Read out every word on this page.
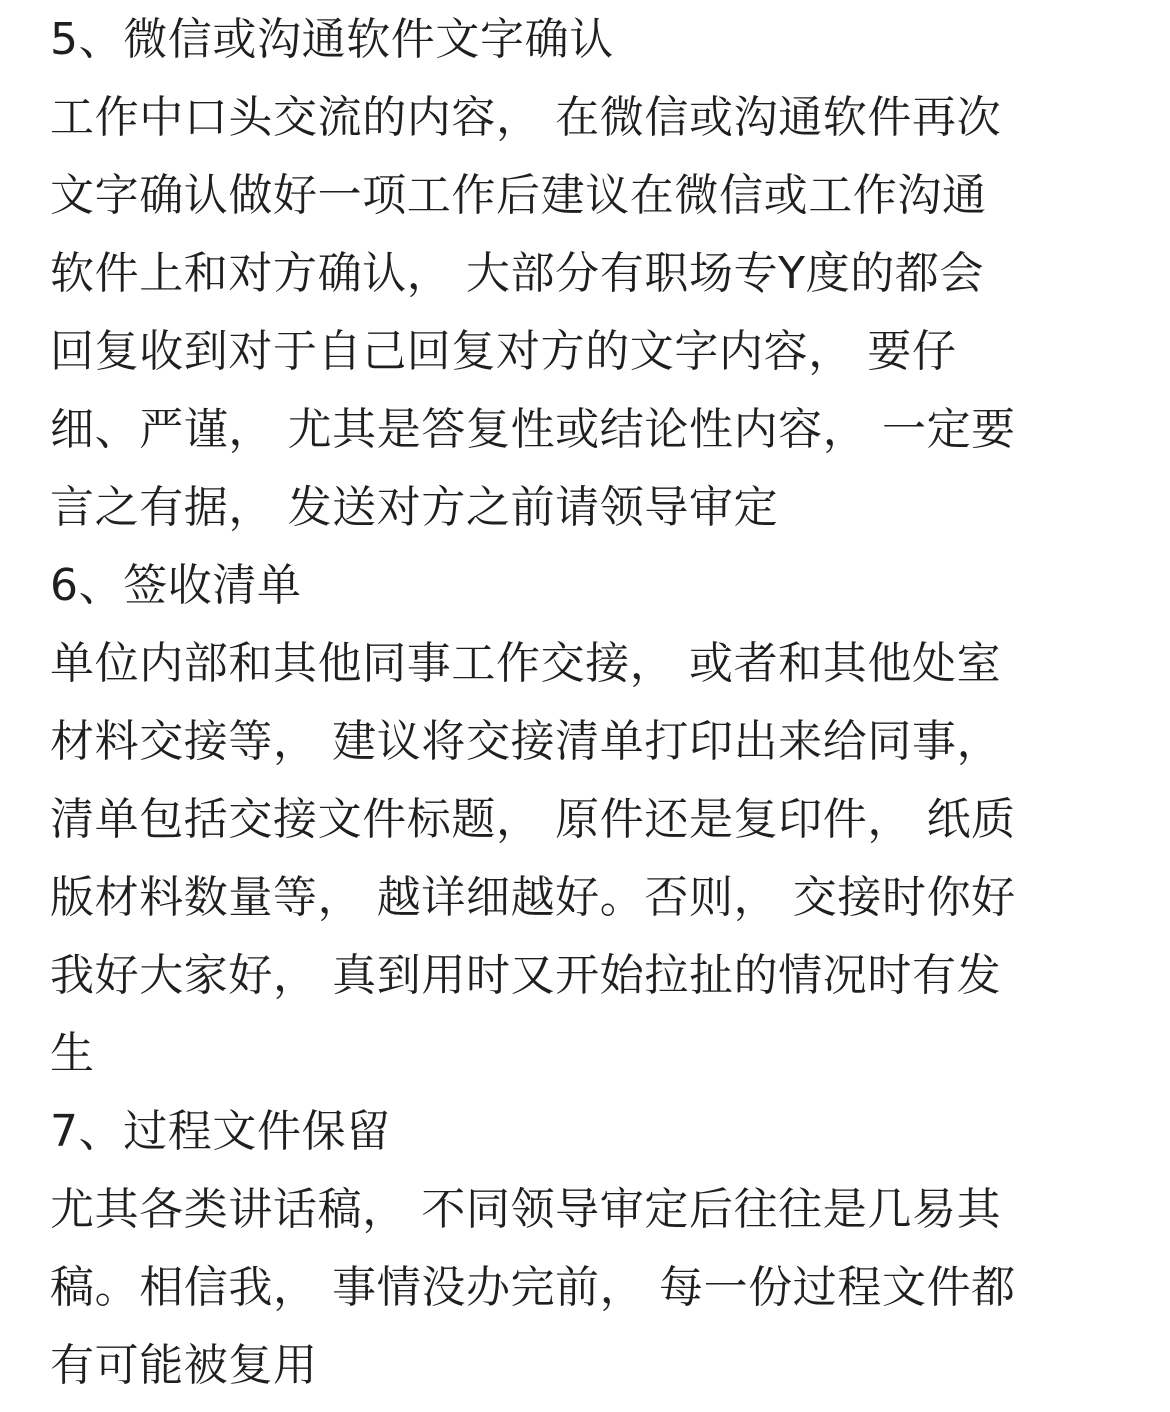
5、微信或沟通软件文字确认
工作中口头交流的内容， 在微信或沟通软件再次
文字确认做好一项工作后建议在微信或工作沟通
软件上和对方确认， 大部分有职场专Y度的都会
回复收到对于自己回复对方的文字内容， 要仔
细、严谨， 尤其是答复性或结论性内容， 一定要
言之有据， 发送对方之前请领导审定
6、签收清单
单位内部和其他同事工作交接， 或者和其他处室
材料交接等， 建议将交接清单打印出来给同事，
清单包括交接文件标题， 原件还是复印件， 纸质
版材料数量等， 越详细越好。否则， 交接时你好
我好大家好， 真到用时又开始拉扯的情况时有发
生
7、过程文件保留
尤其各类讲话稿， 不同领导审定后往往是几易其
稿。相信我， 事情没办完前， 每一份过程文件都
有可能被复用
